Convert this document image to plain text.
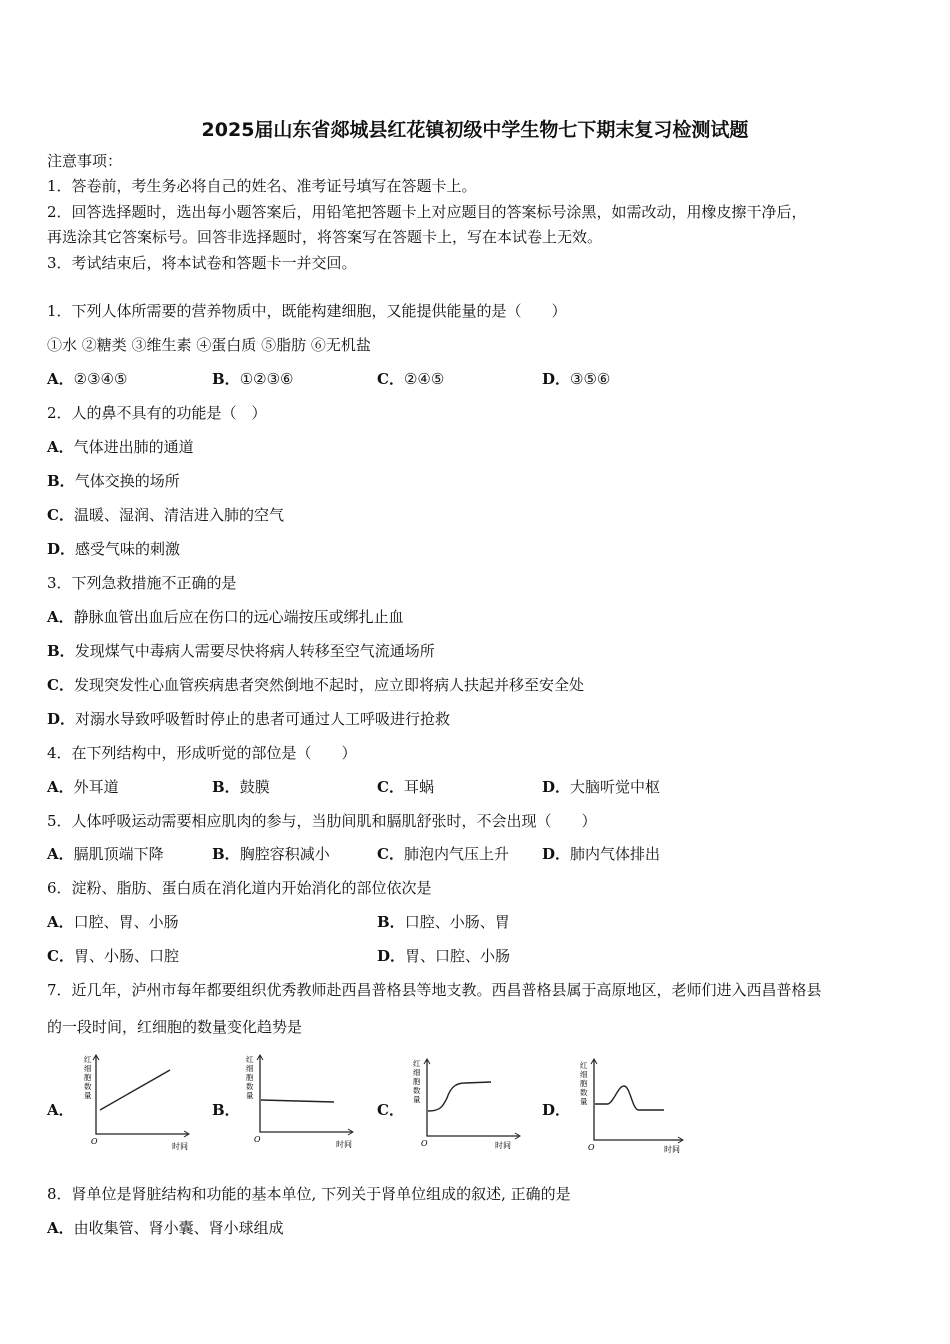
2025届山东省郯城县红花镇初级中学生物七下期末复习检测试题
注意事项：
1．答卷前，考生务必将自己的姓名、准考证号填写在答题卡上。
2．回答选择题时，选出每小题答案后，用铅笔把答题卡上对应题目的答案标号涂黑，如需改动，用橡皮擦干净后，
再选涂其它答案标号。回答非选择题时，将答案写在答题卡上，写在本试卷上无效。
3．考试结束后，将本试卷和答题卡一并交回。
1．下列人体所需要的营养物质中，既能构建细胞，又能提供能量的是（　　）
①水 ②糖类 ③维生素 ④蛋白质 ⑤脂肪 ⑥无机盐
A．②③④⑤	B．①②③⑥	C．②④⑤	D．③⑤⑥
2．人的鼻不具有的功能是（　）
A．气体进出肺的通道
B．气体交换的场所
C．温暖、湿润、清洁进入肺的空气
D．感受气味的刺激
3．下列急救措施不正确的是
A．静脉血管出血后应在伤口的远心端按压或绑扎止血
B．发现煤气中毒病人需要尽快将病人转移至空气流通场所
C．发现突发性心血管疾病患者突然倒地不起时，应立即将病人扶起并移至安全处
D．对溺水导致呼吸暂时停止的患者可通过人工呼吸进行抢救
4．在下列结构中，形成听觉的部位是（　　）
A．外耳道	B．鼓膜	C．耳蜗	D．大脑听觉中枢
5．人体呼吸运动需要相应肌肉的参与，当肋间肌和膈肌舒张时，不会出现（　　）
A．膈肌顶端下降	B．胸腔容积减小	C．肺泡内气压上升 D．肺内气体排出
6．淀粉、脂肪、蛋白质在消化道内开始消化的部位依次是
A．口腔、胃、小肠	B．口腔、小肠、胃
C．胃、小肠、口腔	D．胃、口腔、小肠
7．近几年，泸州市每年都要组织优秀教师赴西昌普格县等地支教。西昌普格县属于高原地区，老师们进入西昌普格县
的一段时间，红细胞的数量变化趋势是
A．	B．	C．	D．
红细胞数量
时间
O
红细胞数量
时间
O
红细胞数量
时间
O
红细胞数量
时间
O
8．肾单位是肾脏结构和功能的基本单位, 下列关于肾单位组成的叙述, 正确的是
A．由收集管、肾小囊、肾小球组成
